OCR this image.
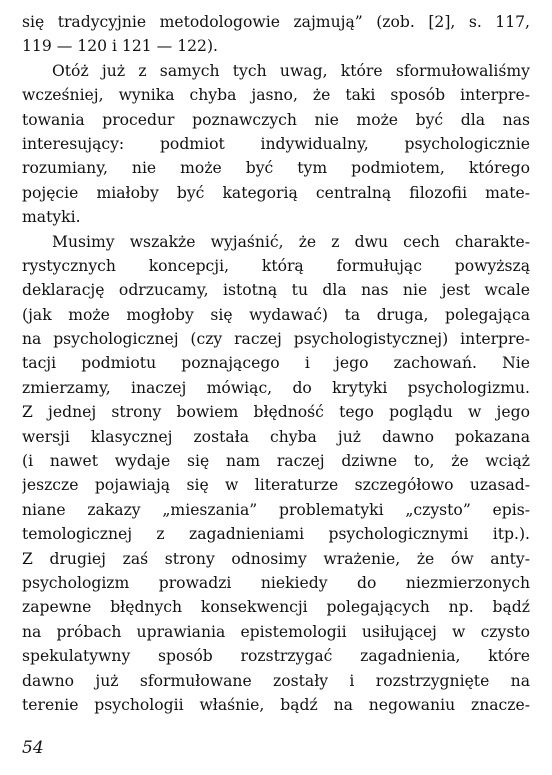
się tradycyjnie metodologowie zajmują” (zob. [2], s. 117,
119 — 120 i 121 — 122).
Otóż już z samych tych uwag, które sformułowaliśmy
wcześniej, wynika chyba jasno, że taki sposób interpre-
towania procedur poznawczych nie może być dla nas
interesujący: podmiot indywidualny, psychologicznie
rozumiany, nie może być tym podmiotem, którego
pojęcie miałoby być kategorią centralną filozofii mate-
matyki.
Musimy wszakże wyjaśnić, że z dwu cech charakte-
rystycznych koncepcji, którą formułując powyższą
deklarację odrzucamy, istotną tu dla nas nie jest wcale
(jak może mogłoby się wydawać) ta druga, polegająca
na psychologicznej (czy raczej psychologistycznej) interpre-
tacji podmiotu poznającego i jego zachowań. Nie
zmierzamy, inaczej mówiąc, do krytyki psychologizmu.
Z jednej strony bowiem błędność tego poglądu w jego
wersji klasycznej została chyba już dawno pokazana
(i nawet wydaje się nam raczej dziwne to, że wciąż
jeszcze pojawiają się w literaturze szczegółowo uzasad-
niane zakazy „mieszania” problematyki „czysto” epis-
temologicznej z zagadnieniami psychologicznymi itp.).
Z drugiej zaś strony odnosimy wrażenie, że ów anty-
psychologizm prowadzi niekiedy do niezmierzonych
zapewne błędnych konsekwencji polegających np. bądź
na próbach uprawiania epistemologii usiłującej w czysto
spekulatywny sposób rozstrzygać zagadnienia, które
dawno już sformułowane zostały i rozstrzygnięte na
terenie psychologii właśnie, bądź na negowaniu znacze-
54
